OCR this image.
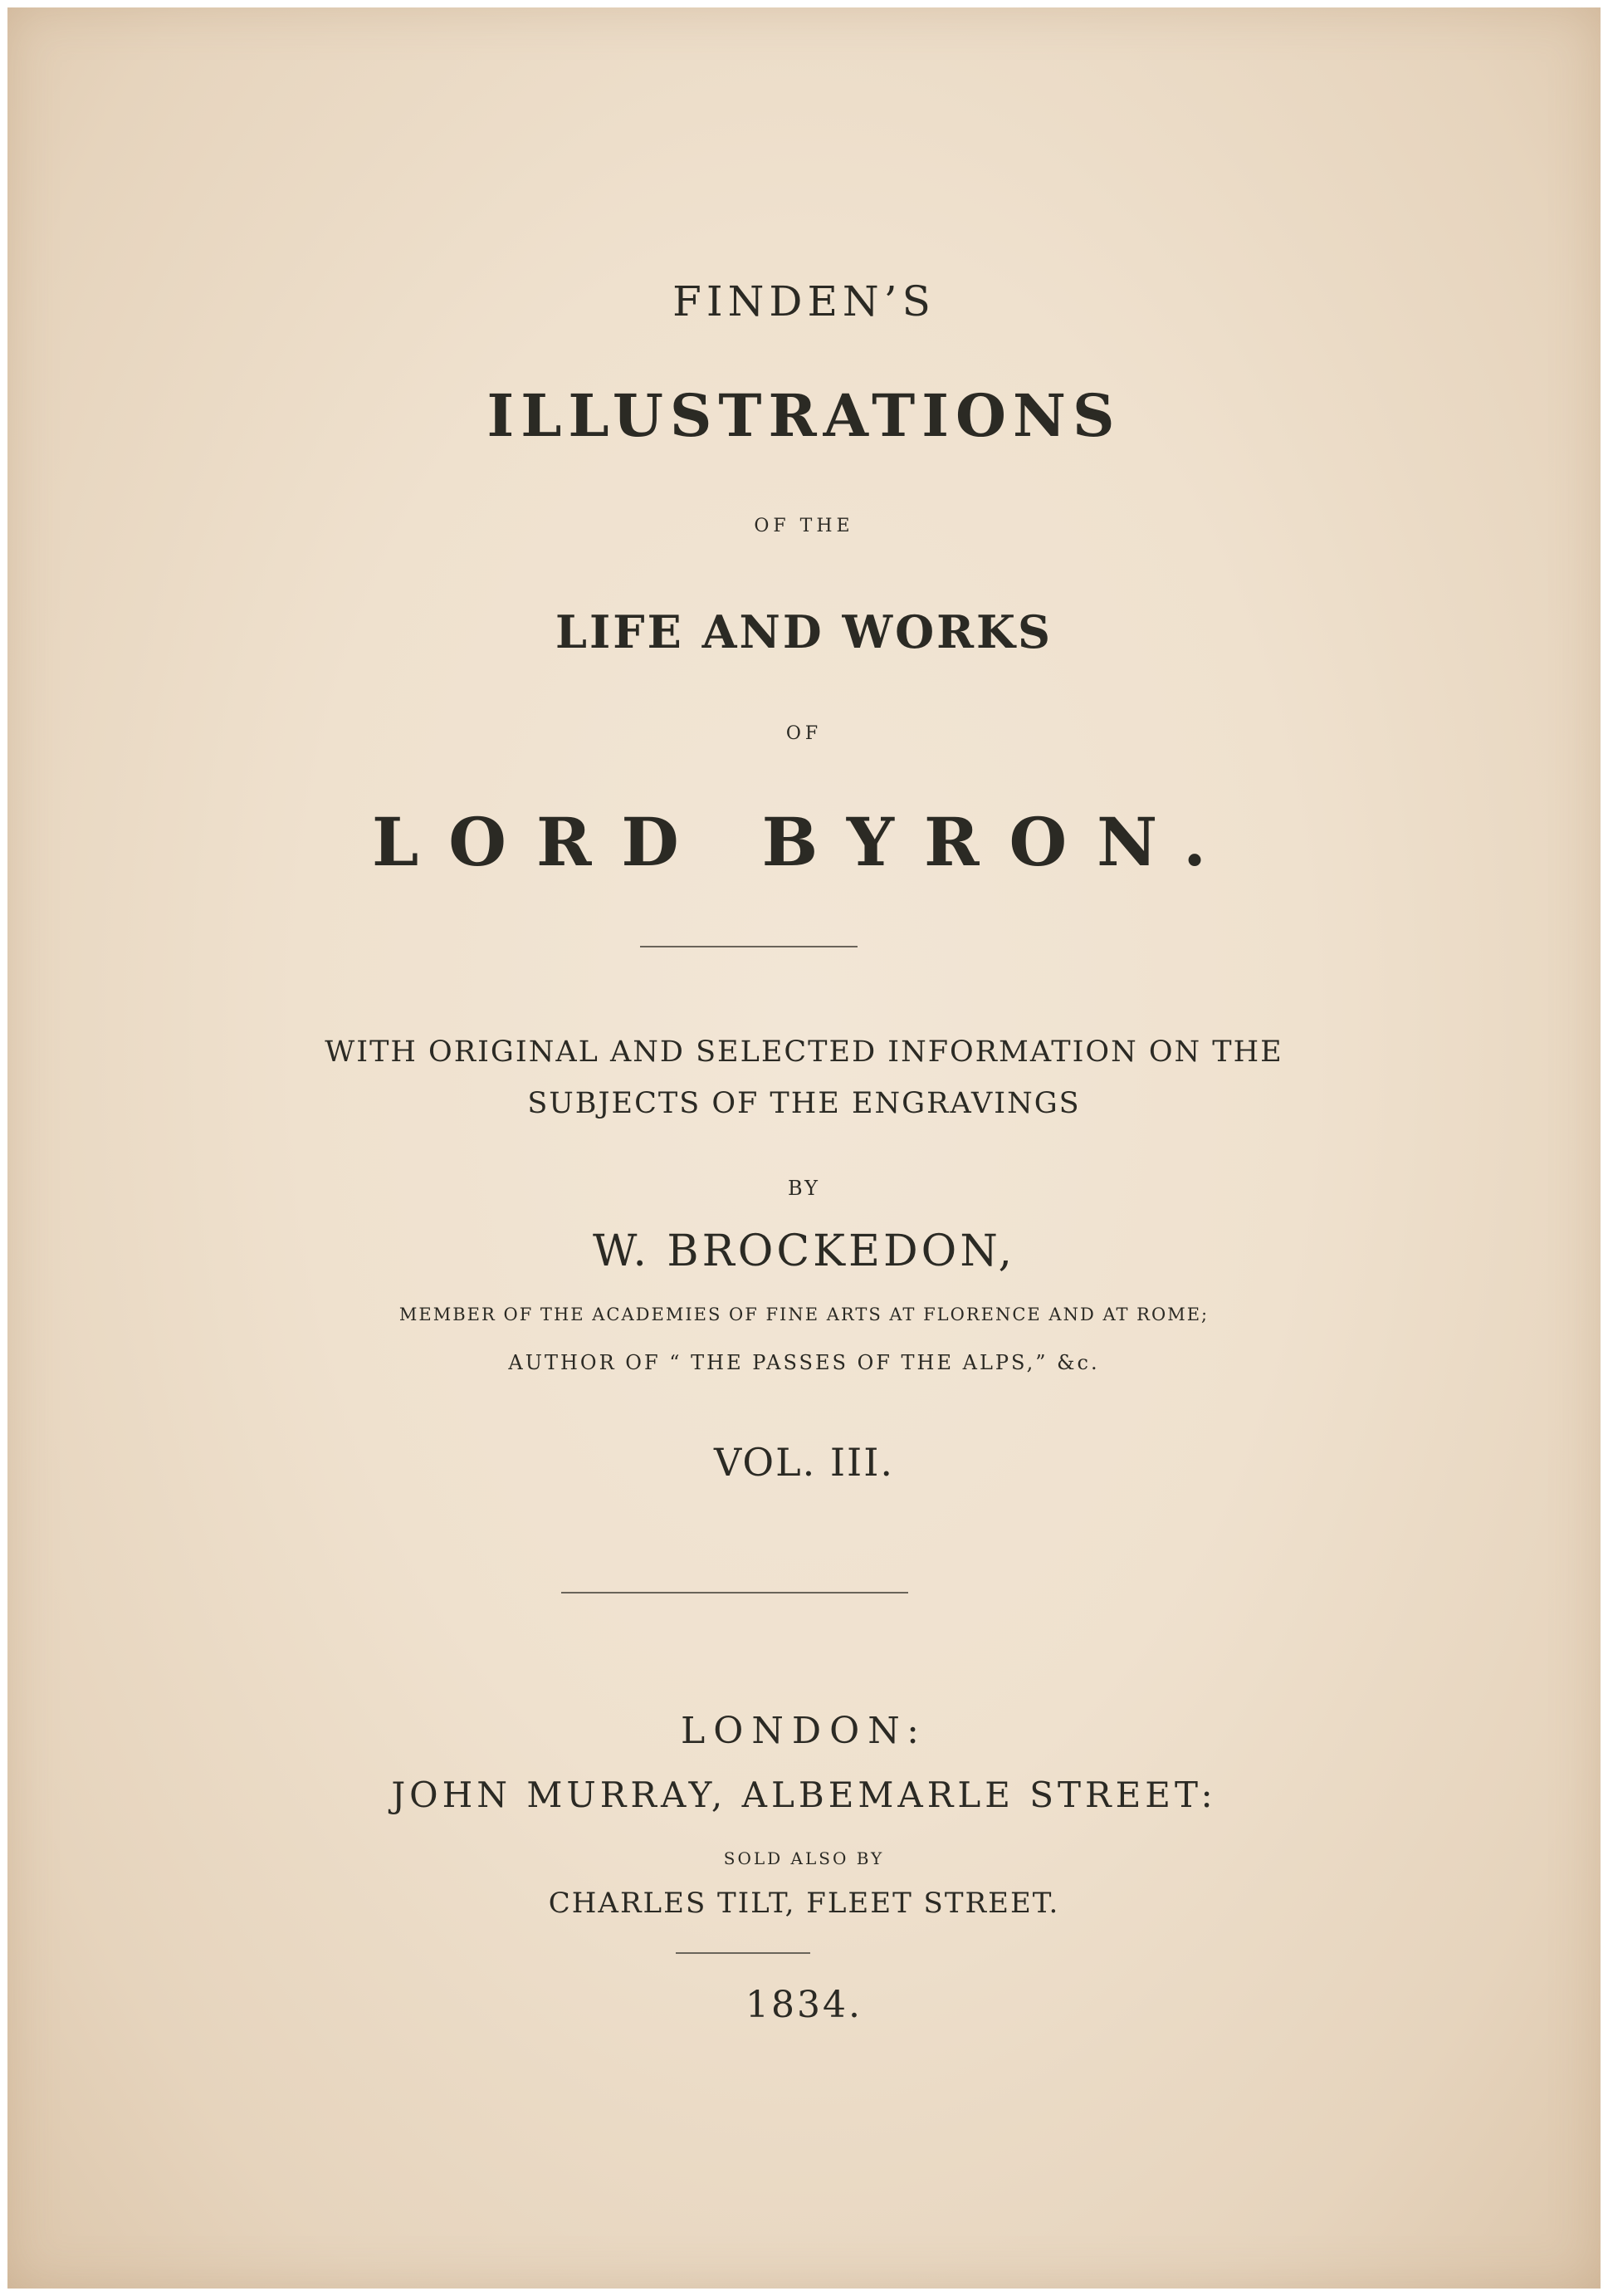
FINDEN’S
ILLUSTRATIONS
OF THE
LIFE AND WORKS
OF
LORD BYRON.
WITH ORIGINAL AND SELECTED INFORMATION ON THE
SUBJECTS OF THE ENGRAVINGS
BY
W. BROCKEDON,
MEMBER OF THE ACADEMIES OF FINE ARTS AT FLORENCE AND AT ROME;
AUTHOR OF “ THE PASSES OF THE ALPS,” &c.
VOL. III.
LONDON:
JOHN MURRAY, ALBEMARLE STREET:
SOLD ALSO BY
CHARLES TILT, FLEET STREET.
1834.
